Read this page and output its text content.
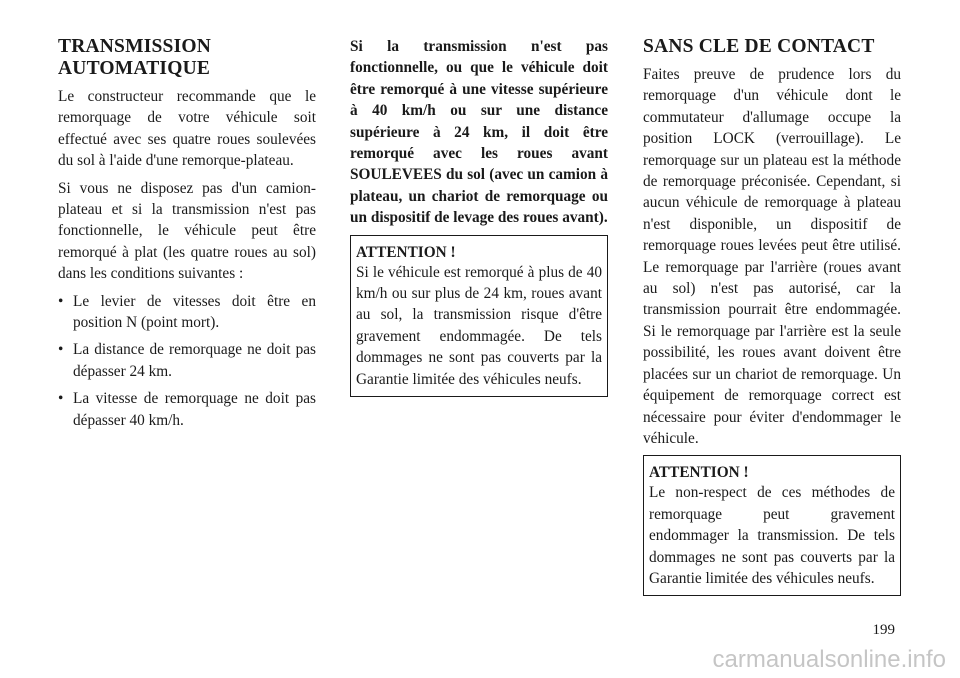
TRANSMISSION
AUTOMATIQUE

Le constructeur recommande que le remorquage de votre véhicule soit effectué avec ses quatre roues soulevées du sol à l'aide d'une remorque-plateau.

Si vous ne disposez pas d'un camion-plateau et si la transmission n'est pas fonctionnelle, le véhicule peut être remorqué à plat (les quatre roues au sol) dans les conditions suivantes :

• Le levier de vitesses doit être en position N (point mort).
• La distance de remorquage ne doit pas dépasser 24 km.
• La vitesse de remorquage ne doit pas dépasser 40 km/h.

Si la transmission n'est pas fonctionnelle, ou que le véhicule doit être remorqué à une vitesse supérieure à 40 km/h ou sur une distance supérieure à 24 km, il doit être remorqué avec les roues avant SOULEVEES du sol (avec un camion à plateau, un chariot de remorquage ou un dispositif de levage des roues avant).

ATTENTION !

Si le véhicule est remorqué à plus de 40 km/h ou sur plus de 24 km, roues avant au sol, la transmission risque d'être gravement endommagée. De tels dommages ne sont pas couverts par la Garantie limitée des véhicules neufs.

SANS CLE DE CONTACT

Faites preuve de prudence lors du remorquage d'un véhicule dont le commutateur d'allumage occupe la position LOCK (verrouillage). Le remorquage sur un plateau est la méthode de remorquage préconisée. Cependant, si aucun véhicule de remorquage à plateau n'est disponible, un dispositif de remorquage roues levées peut être utilisé. Le remorquage par l'arrière (roues avant au sol) n'est pas autorisé, car la transmission pourrait être endommagée. Si le remorquage par l'arrière est la seule possibilité, les roues avant doivent être placées sur un chariot de remorquage. Un équipement de remorquage correct est nécessaire pour éviter d'endommager le véhicule.

ATTENTION !

Le non-respect de ces méthodes de remorquage peut gravement endommager la transmission. De tels dommages ne sont pas couverts par la Garantie limitée des véhicules neufs.

199
carmanualsonline.info
